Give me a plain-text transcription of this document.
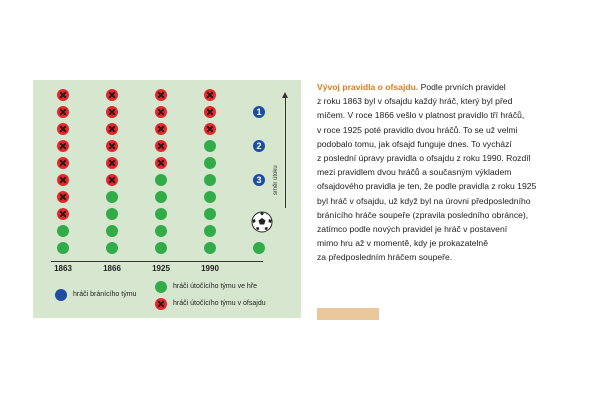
1
2
3	směr útoku
1863	1866	1925	1990
hráči bránícího týmu
hráči útočícího týmu ve hře
hráči útočícího týmu v ofsajdu
Vývoj pravidla o ofsajdu. Podle prvních pravidel
z roku 1863 byl v ofsajdu každý hráč, který byl před
míčem. V roce 1866 vešlo v platnost pravidlo tří hráčů,
v roce 1925 poté pravidlo dvou hráčů. To se už velmi
podobalo tomu, jak ofsajd funguje dnes. To vychází
z poslední úpravy pravidla o ofsajdu z roku 1990. Rozdíl
mezi pravidlem dvou hráčů a současným výkladem
ofsajdového pravidla je ten, že podle pravidla z roku 1925
byl hráč v ofsajdu, už když byl na úrovni předposledního
bránícího hráče soupeře (zpravila posledního obránce),
zatímco podle nových pravidel je hráč v postavení
mimo hru až v momentě, kdy je prokazatelně
za předposledním hráčem soupeře.
